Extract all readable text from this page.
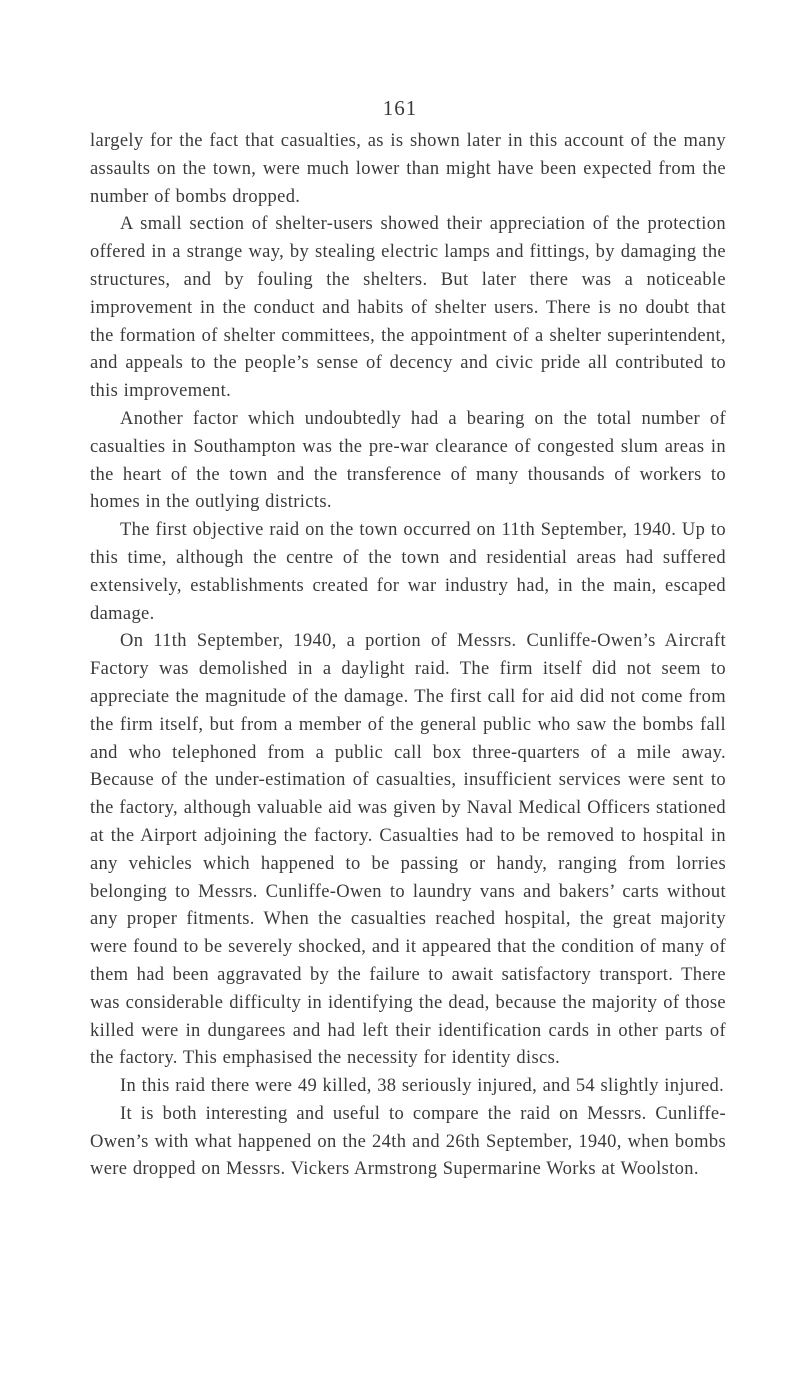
161

largely for the fact that casualties, as is shown later in this account of the many assaults on the town, were much lower than might have been expected from the number of bombs dropped.

A small section of shelter-users showed their appreciation of the protection offered in a strange way, by stealing electric lamps and fittings, by damaging the structures, and by fouling the shelters. But later there was a noticeable improvement in the conduct and habits of shelter users. There is no doubt that the formation of shelter committees, the appointment of a shelter superintendent, and appeals to the people’s sense of decency and civic pride all contributed to this improvement.

Another factor which undoubtedly had a bearing on the total number of casualties in Southampton was the pre-war clearance of congested slum areas in the heart of the town and the transference of many thousands of workers to homes in the outlying districts.

The first objective raid on the town occurred on 11th September, 1940. Up to this time, although the centre of the town and residential areas had suffered extensively, establishments created for war industry had, in the main, escaped damage.

On 11th September, 1940, a portion of Messrs. Cunliffe-Owen’s Aircraft Factory was demolished in a daylight raid. The firm itself did not seem to appreciate the magnitude of the damage. The first call for aid did not come from the firm itself, but from a member of the general public who saw the bombs fall and who telephoned from a public call box three-quarters of a mile away. Because of the under-estimation of casualties, insufficient services were sent to the factory, although valuable aid was given by Naval Medical Officers stationed at the Airport adjoining the factory. Casualties had to be removed to hospital in any vehicles which happened to be passing or handy, ranging from lorries belonging to Messrs. Cunliffe-Owen to laundry vans and bakers’ carts without any proper fitments. When the casualties reached hospital, the great majority were found to be severely shocked, and it appeared that the condition of many of them had been aggravated by the failure to await satisfactory transport. There was considerable difficulty in identifying the dead, because the majority of those killed were in dungarees and had left their identification cards in other parts of the factory. This emphasised the necessity for identity discs.

In this raid there were 49 killed, 38 seriously injured, and 54 slightly injured.

It is both interesting and useful to compare the raid on Messrs. Cunliffe-Owen’s with what happened on the 24th and 26th September, 1940, when bombs were dropped on Messrs. Vickers Armstrong Supermarine Works at Woolston.
